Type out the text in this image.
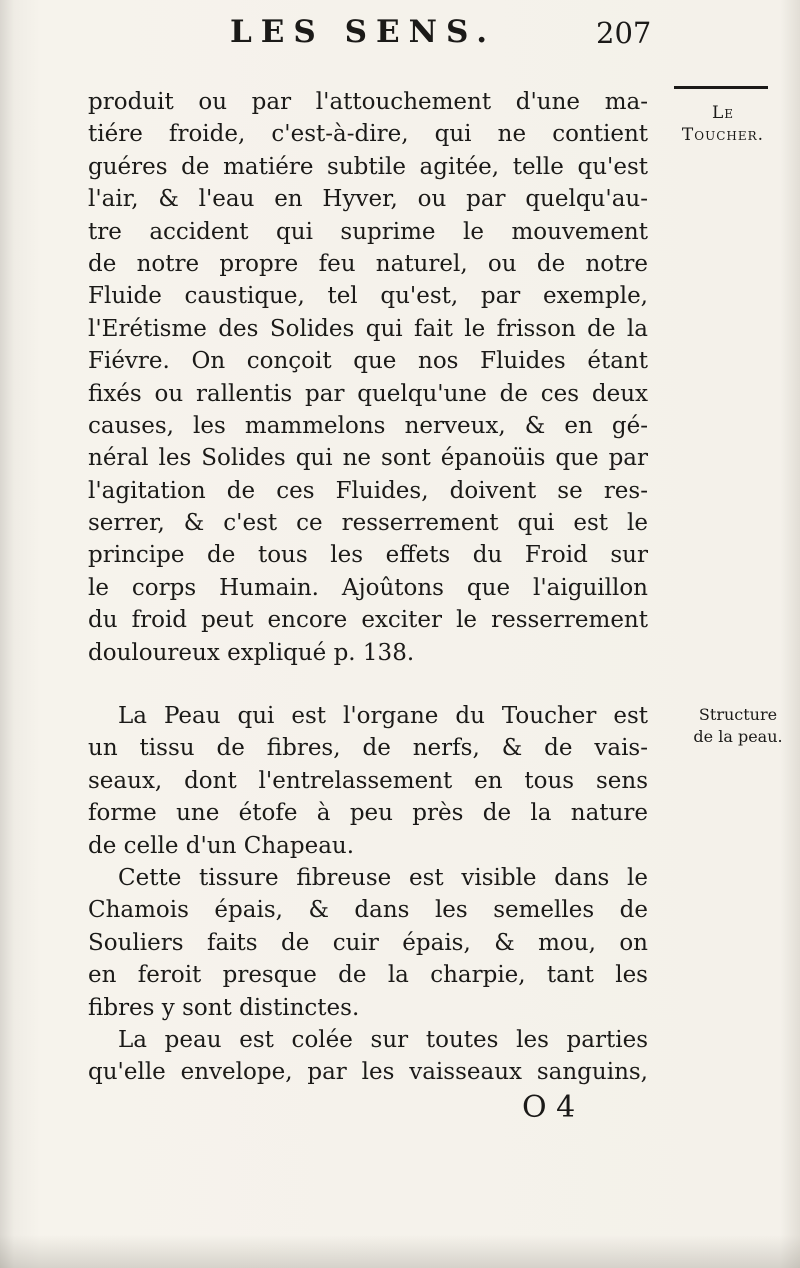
LES SENS.	207
Le
Toucher.
Structure
de la peau.
produit ou par l'attouchement d'une ma-
tiére froide, c'est-à-dire, qui ne contient
guéres de matiére subtile agitée, telle qu'est
l'air, & l'eau en Hyver, ou par quelqu'au-
tre accident qui suprime le mouvement
de notre propre feu naturel, ou de notre
Fluide caustique, tel qu'est, par exemple,
l'Erétisme des Solides qui fait le frisson de la
Fiévre. On conçoit que nos Fluides étant
fixés ou rallentis par quelqu'une de ces deux
causes, les mammelons nerveux, & en gé-
néral les Solides qui ne sont épanoüis que par
l'agitation de ces Fluides, doivent se res-
serrer, & c'est ce resserrement qui est le
principe de tous les effets du Froid sur
le corps Humain. Ajoûtons que l'aiguillon
du froid peut encore exciter le resserrement
douloureux expliqué p. 138.
La Peau qui est l'organe du Toucher est
un tissu de fibres, de nerfs, & de vais-
seaux, dont l'entrelassement en tous sens
forme une étofe à peu près de la nature
de celle d'un Chapeau.
Cette tissure fibreuse est visible dans le
Chamois épais, & dans les semelles de
Souliers faits de cuir épais, & mou, on
en feroit presque de la charpie, tant les
fibres y sont distinctes.
La peau est colée sur toutes les parties
qu'elle envelope, par les vaisseaux sanguins,
O 4
